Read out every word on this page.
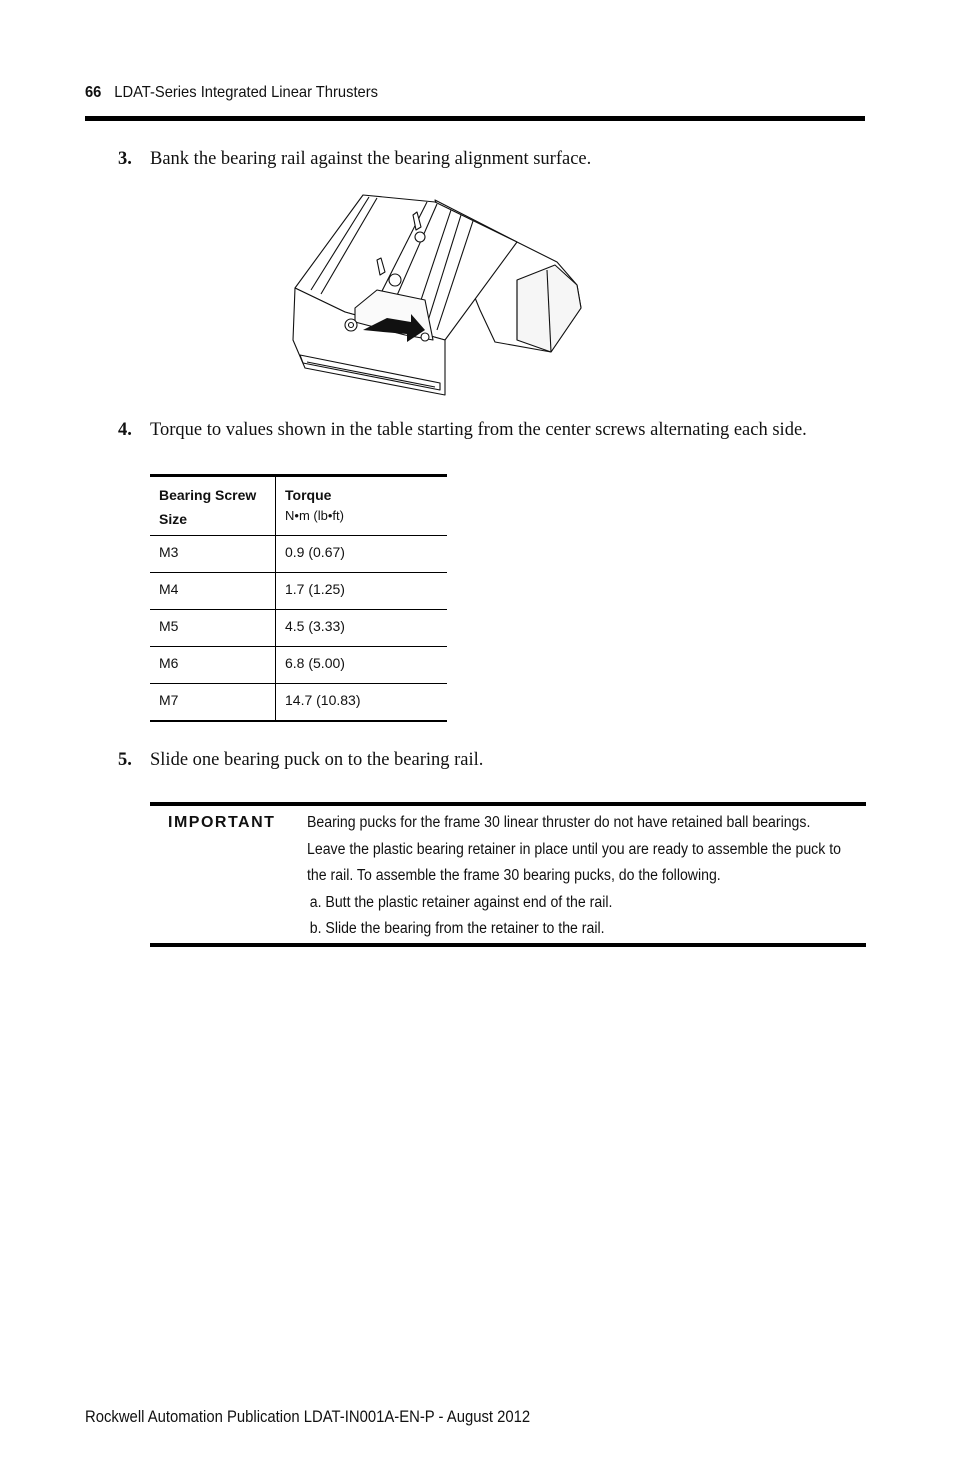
66 LDAT-Series Integrated Linear Thrusters
3. Bank the bearing rail against the bearing alignment surface.
4. Torque to values shown in the table starting from the center screws alternating each side.
Bearing Screw Size	Torque
N•m (lb•ft)

M3	0.9 (0.67)
M4	1.7 (1.25)
M5	4.5 (3.33)
M6	6.8 (5.00)
M7	14.7 (10.83)
5. Slide one bearing puck on to the bearing rail.
IMPORTANT Bearing pucks for the frame 30 linear thruster do not have retained ball bearings.

Leave the plastic bearing retainer in place until you are ready to assemble the puck to

the rail. To assemble the frame 30 bearing pucks, do the following.

a. Butt the plastic retainer against end of the rail.

b. Slide the bearing from the retainer to the rail.

Rockwell Automation Publication LDAT-IN001A-EN-P - August 2012
